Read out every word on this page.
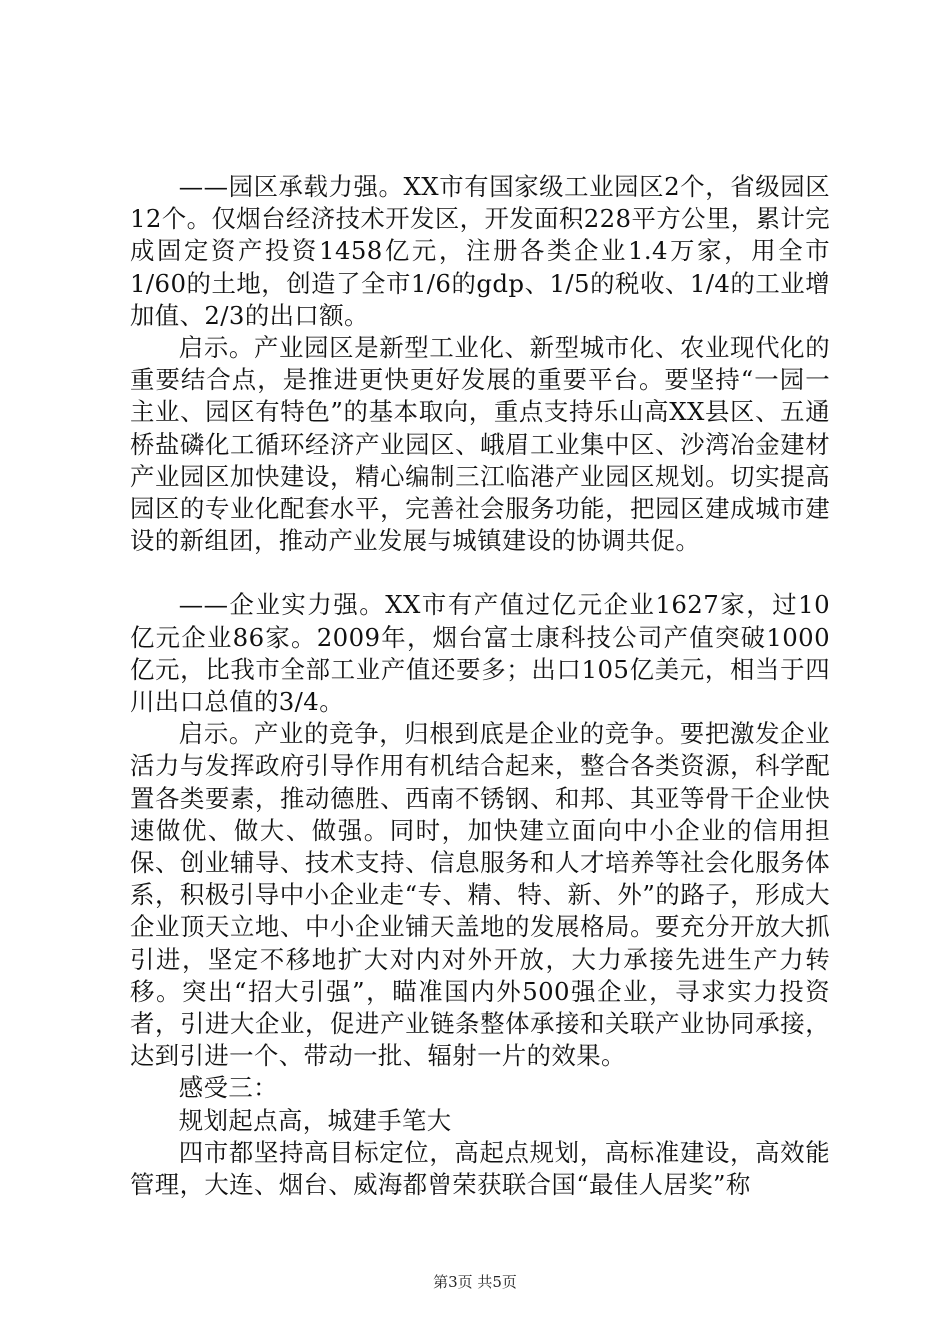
——园区承载力强。XX市有国家级工业园区2个，省级园区12个。仅烟台经济技术开发区，开发面积228平方公里，累计完成固定资产投资1458亿元，注册各类企业1.4万家，用全市1/60的土地，创造了全市1/6的gdp、1/5的税收、1/4的工业增加值、2/3的出口额。

启示。产业园区是新型工业化、新型城市化、农业现代化的重要结合点，是推进更快更好发展的重要平台。要坚持“一园一主业、园区有特色”的基本取向，重点支持乐山高XX县区、五通桥盐磷化工循环经济产业园区、峨眉工业集中区、沙湾冶金建材产业园区加快建设，精心编制三江临港产业园区规划。切实提高园区的专业化配套水平，完善社会服务功能，把园区建成城市建设的新组团，推动产业发展与城镇建设的协调共促。

——企业实力强。XX市有产值过亿元企业1627家，过10亿元企业86家。2009年，烟台富士康科技公司产值突破1000亿元，比我市全部工业产值还要多；出口105亿美元，相当于四川出口总值的3/4。

启示。产业的竞争，归根到底是企业的竞争。要把激发企业活力与发挥政府引导作用有机结合起来，整合各类资源，科学配置各类要素，推动德胜、西南不锈钢、和邦、其亚等骨干企业快速做优、做大、做强。同时，加快建立面向中小企业的信用担保、创业辅导、技术支持、信息服务和人才培养等社会化服务体系，积极引导中小企业走“专、精、特、新、外”的路子，形成大企业顶天立地、中小企业铺天盖地的发展格局。要充分开放大抓引进，坚定不移地扩大对内对外开放，大力承接先进生产力转移。突出“招大引强”，瞄准国内外500强企业，寻求实力投资者，引进大企业，促进产业链条整体承接和关联产业协同承接，达到引进一个、带动一批、辐射一片的效果。

感受三：

规划起点高，城建手笔大

四市都坚持高目标定位，高起点规划，高标准建设，高效能管理，大连、烟台、威海都曾荣获联合国“最佳人居奖”称

第3页 共5页
